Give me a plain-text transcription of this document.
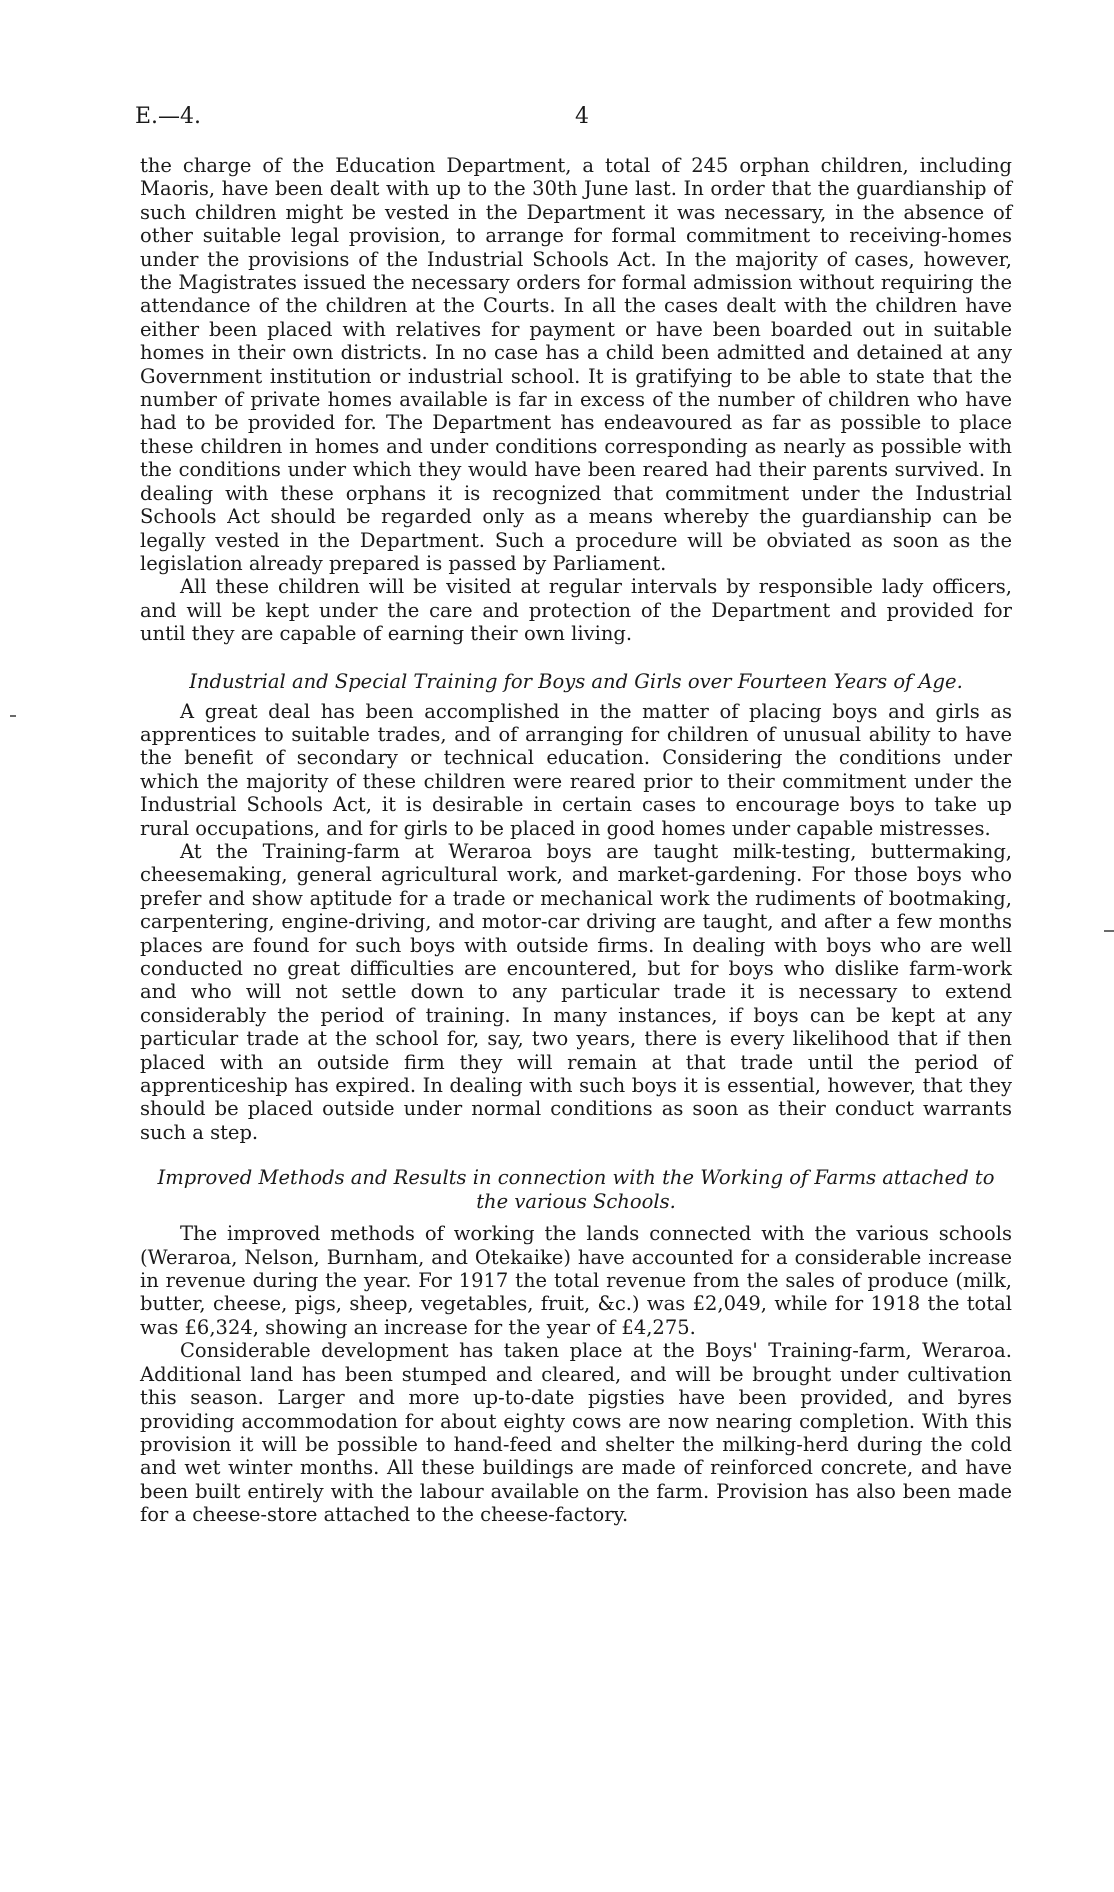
E.—4.	4

the charge of the Education Department, a total of 245 orphan children, including Maoris, have been dealt with up to the 30th June last. In order that the guardianship of such children might be vested in the Department it was necessary, in the absence of other suitable legal provision, to arrange for formal commitment to receiving-homes under the provisions of the Industrial Schools Act. In the majority of cases, however, the Magistrates issued the necessary orders for formal admission without requiring the attendance of the children at the Courts. In all the cases dealt with the children have either been placed with relatives for payment or have been boarded out in suitable homes in their own districts. In no case has a child been admitted and detained at any Government institution or industrial school. It is gratifying to be able to state that the number of private homes available is far in excess of the number of children who have had to be provided for. The Department has endeavoured as far as possible to place these children in homes and under conditions corresponding as nearly as possible with the conditions under which they would have been reared had their parents survived. In dealing with these orphans it is recognized that commitment under the Industrial Schools Act should be regarded only as a means whereby the guardianship can be legally vested in the Department. Such a procedure will be obviated as soon as the legislation already prepared is passed by Parliament.

All these children will be visited at regular intervals by responsible lady officers, and will be kept under the care and protection of the Department and provided for until they are capable of earning their own living.

Industrial and Special Training for Boys and Girls over Fourteen Years of Age.

A great deal has been accomplished in the matter of placing boys and girls as apprentices to suitable trades, and of arranging for children of unusual ability to have the benefit of secondary or technical education. Considering the conditions under which the majority of these children were reared prior to their commitment under the Industrial Schools Act, it is desirable in certain cases to encourage boys to take up rural occupations, and for girls to be placed in good homes under capable mistresses.

At the Training-farm at Weraroa boys are taught milk-testing, buttermaking, cheesemaking, general agricultural work, and market-gardening. For those boys who prefer and show aptitude for a trade or mechanical work the rudiments of bootmaking, carpentering, engine-driving, and motor-car driving are taught, and after a few months places are found for such boys with outside firms. In dealing with boys who are well conducted no great difficulties are encountered, but for boys who dislike farm-work and who will not settle down to any particular trade it is necessary to extend considerably the period of training. In many instances, if boys can be kept at any particular trade at the school for, say, two years, there is every likelihood that if then placed with an outside firm they will remain at that trade until the period of apprenticeship has expired. In dealing with such boys it is essential, however, that they should be placed outside under normal conditions as soon as their conduct warrants such a step.

Improved Methods and Results in connection with the Working of Farms attached to
the various Schools.

The improved methods of working the lands connected with the various schools (Weraroa, Nelson, Burnham, and Otekaike) have accounted for a considerable increase in revenue during the year. For 1917 the total revenue from the sales of produce (milk, butter, cheese, pigs, sheep, vegetables, fruit, &c.) was £2,049, while for 1918 the total was £6,324, showing an increase for the year of £4,275.

Considerable development has taken place at the Boys' Training-farm, Weraroa. Additional land has been stumped and cleared, and will be brought under cultivation this season. Larger and more up-to-date pigsties have been provided, and byres providing accommodation for about eighty cows are now nearing completion. With this provision it will be possible to hand-feed and shelter the milking-herd during the cold and wet winter months. All these buildings are made of reinforced concrete, and have been built entirely with the labour available on the farm. Provision has also been made for a cheese-store attached to the cheese-factory.
